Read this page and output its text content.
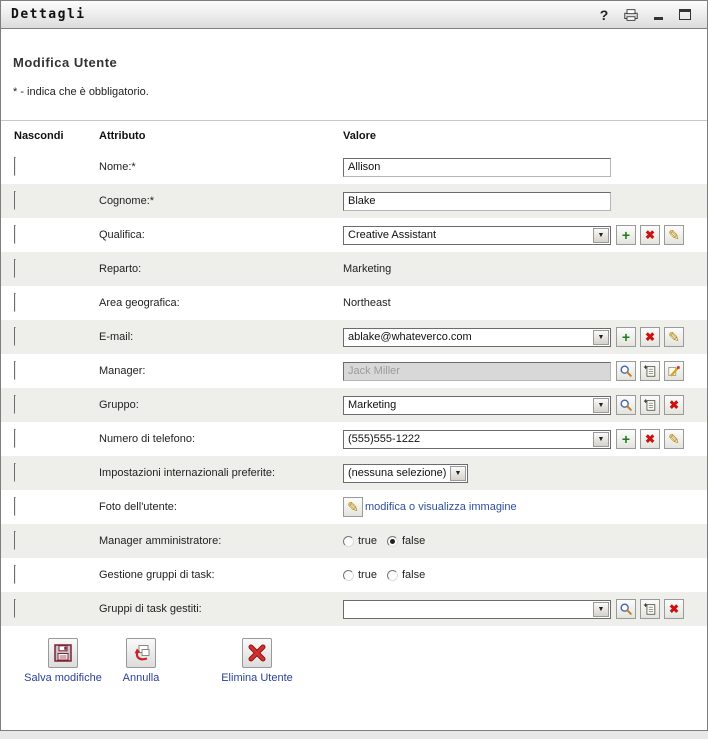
Dettagli	?
Modifica Utente
* - indica che è obbligatorio.
Nascondi	Attributo	Valore
Nome:*
Allison
Cognome:*
Blake
Qualifica:	Creative Assistant	▼	+ ✖ ✎
Reparto:	Marketing
Area geografica:	Northeast
E-mail:	ablake@whateverco.com	▼	+ ✖ ✎
Manager:
Jack Miller
Gruppo:	Marketing	▼	✖
Numero di telefono:	(555)555-1222	▼	+ ✖ ✎
Impostazioni internazionali preferite:	(nessuna selezione)	▼
Foto dell'utente:	✎ modifica o visualizza immagine
Manager amministratore:	true false
Gestione gruppi di task:	true false
Gruppi di task gestiti:	▼	✖
Salva modifiche Annulla	Elimina Utente
